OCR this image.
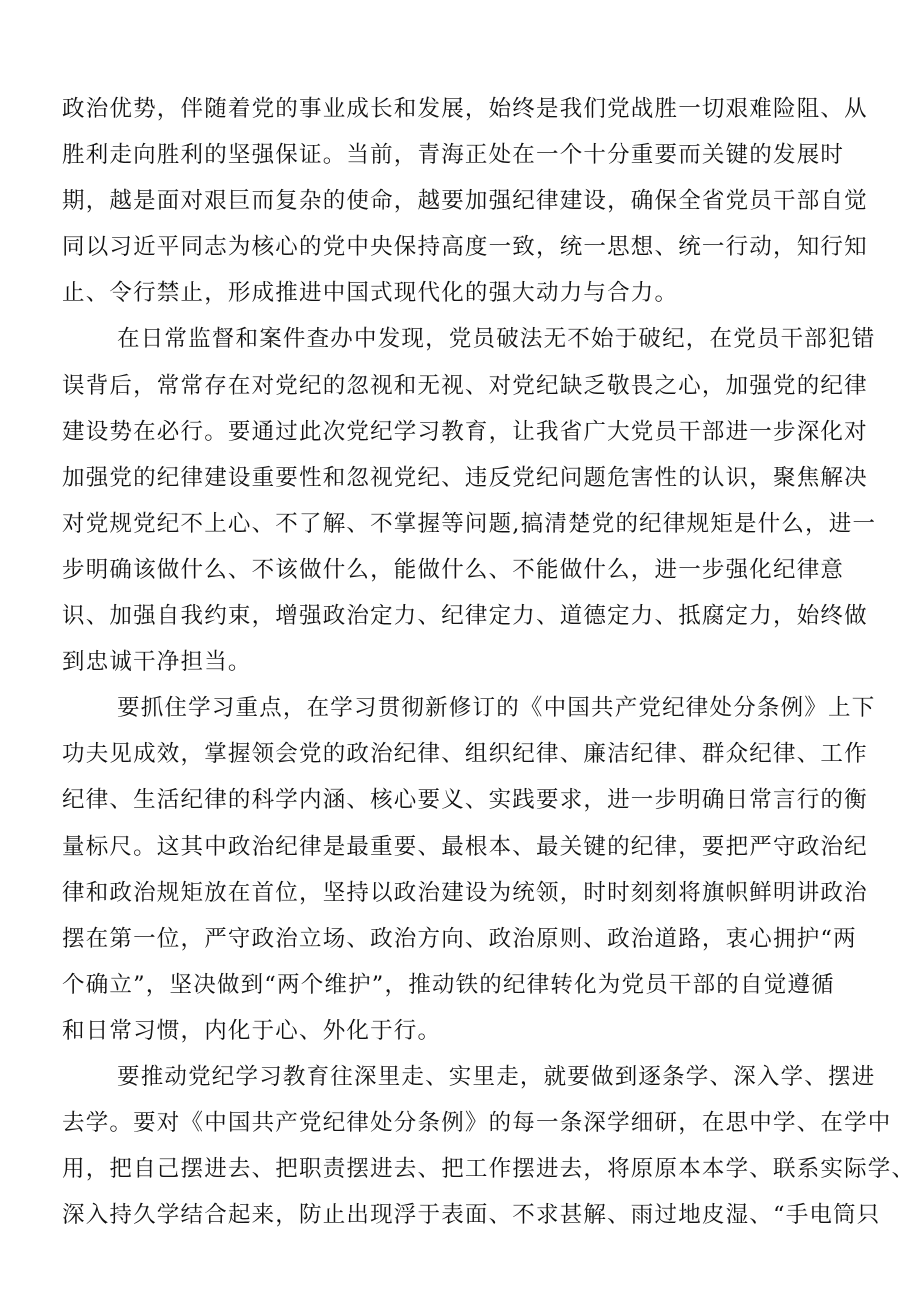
政治优势，伴随着党的事业成长和发展，始终是我们党战胜一切艰难险阻、从
胜利走向胜利的坚强保证。当前，青海正处在一个十分重要而关键的发展时
期，越是面对艰巨而复杂的使命，越要加强纪律建设，确保全省党员干部自觉
同以习近平同志为核心的党中央保持高度一致，统一思想、统一行动，知行知
止、令行禁止，形成推进中国式现代化的强大动力与合力。
在日常监督和案件查办中发现，党员破法无不始于破纪，在党员干部犯错
误背后，常常存在对党纪的忽视和无视、对党纪缺乏敬畏之心，加强党的纪律
建设势在必行。要通过此次党纪学习教育，让我省广大党员干部进一步深化对
加强党的纪律建设重要性和忽视党纪、违反党纪问题危害性的认识，聚焦解决
对党规党纪不上心、不了解、不掌握等问题,搞清楚党的纪律规矩是什么，进一
步明确该做什么、不该做什么，能做什么、不能做什么，进一步强化纪律意
识、加强自我约束，增强政治定力、纪律定力、道德定力、抵腐定力，始终做
到忠诚干净担当。
要抓住学习重点，在学习贯彻新修订的《中国共产党纪律处分条例》上下
功夫见成效，掌握领会党的政治纪律、组织纪律、廉洁纪律、群众纪律、工作
纪律、生活纪律的科学内涵、核心要义、实践要求，进一步明确日常言行的衡
量标尺。这其中政治纪律是最重要、最根本、最关键的纪律，要把严守政治纪
律和政治规矩放在首位，坚持以政治建设为统领，时时刻刻将旗帜鲜明讲政治
摆在第一位，严守政治立场、政治方向、政治原则、政治道路，衷心拥护“两
个确立”，坚决做到“两个维护”，推动铁的纪律转化为党员干部的自觉遵循
和日常习惯，内化于心、外化于行。
要推动党纪学习教育往深里走、实里走，就要做到逐条学、深入学、摆进
去学。要对《中国共产党纪律处分条例》的每一条深学细研，在思中学、在学中
用，把自己摆进去、把职责摆进去、把工作摆进去，将原原本本学、联系实际学、
深入持久学结合起来，防止出现浮于表面、不求甚解、雨过地皮湿、“手电筒只
